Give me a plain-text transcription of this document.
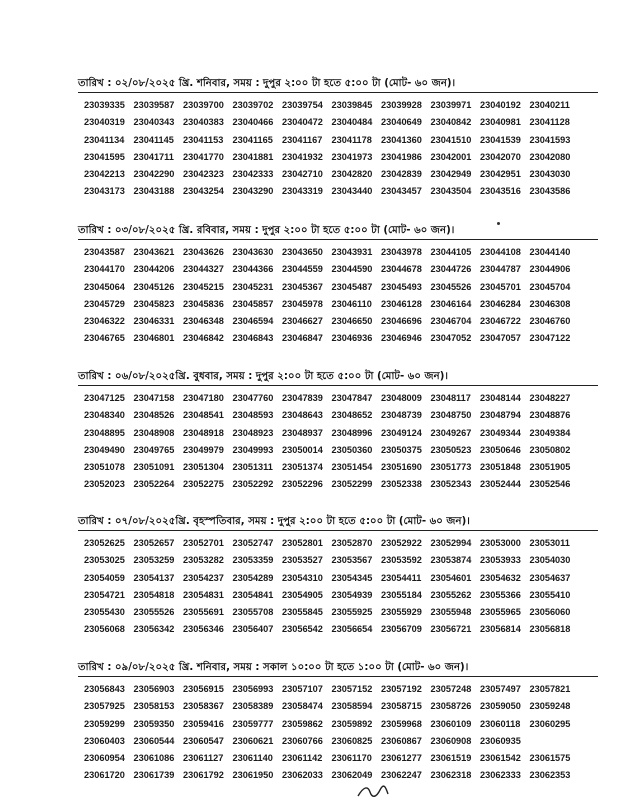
তারিখ : ০২/০৮/২০২৫ খ্রি. শনিবার, সময় : দুপুর ২:০০ টা হতে ৫:০০ টা (মোট- ৬০ জন)।
23039335 23039587 23039700 23039702 23039754 23039845 23039928 23039971 23040192 23040211
23040319 23040343 23040383 23040466 23040472 23040484 23040649 23040842 23040981 23041128
23041134 23041145 23041153 23041165 23041167 23041178 23041360 23041510 23041539 23041593
23041595 23041711 23041770 23041881 23041932 23041973 23041986 23042001 23042070 23042080
23042213 23042290 23042323 23042333 23042710 23042820 23042839 23042949 23042951 23043030
23043173 23043188 23043254 23043290 23043319 23043440 23043457 23043504 23043516 23043586
তারিখ : ০৩/০৮/২০২৫ খ্রি. রবিবার, সময় : দুপুর ২:০০ টা হতে ৫:০০ টা (মোট- ৬০ জন)।
23043587 23043621 23043626 23043630 23043650 23043931 23043978 23044105 23044108 23044140
23044170 23044206 23044327 23044366 23044559 23044590 23044678 23044726 23044787 23044906
23045064 23045126 23045215 23045231 23045367 23045487 23045493 23045526 23045701 23045704
23045729 23045823 23045836 23045857 23045978 23046110 23046128 23046164 23046284 23046308
23046322 23046331 23046348 23046594 23046627 23046650 23046696 23046704 23046722 23046760
23046765 23046801 23046842 23046843 23046847 23046936 23046946 23047052 23047057 23047122
তারিখ : ০৬/০৮/২০২৫খ্রি. বুধবার, সময় : দুপুর ২:০০ টা হতে ৫:০০ টা (মোট- ৬০ জন)।
23047125 23047158 23047180 23047760 23047839 23047847 23048009 23048117 23048144 23048227
23048340 23048526 23048541 23048593 23048643 23048652 23048739 23048750 23048794 23048876
23048895 23048908 23048918 23048923 23048937 23048996 23049124 23049267 23049344 23049384
23049490 23049765 23049979 23049993 23050014 23050360 23050375 23050523 23050646 23050802
23051078 23051091 23051304 23051311 23051374 23051454 23051690 23051773 23051848 23051905
23052023 23052264 23052275 23052292 23052296 23052299 23052338 23052343 23052444 23052546
তারিখ : ০৭/০৮/২০২৫খ্রি. বৃহস্পতিবার, সময় : দুপুর ২:০০ টা হতে ৫:০০ টা (মোট- ৬০ জন)।
23052625 23052657 23052701 23052747 23052801 23052870 23052922 23052994 23053000 23053011
23053025 23053259 23053282 23053359 23053527 23053567 23053592 23053874 23053933 23054030
23054059 23054137 23054237 23054289 23054310 23054345 23054411 23054601 23054632 23054637
23054721 23054818 23054831 23054841 23054905 23054939 23055184 23055262 23055366 23055410
23055430 23055526 23055691 23055708 23055845 23055925 23055929 23055948 23055965 23056060
23056068 23056342 23056346 23056407 23056542 23056654 23056709 23056721 23056814 23056818
তারিখ : ০৯/০৮/২০২৫ খ্রি. শনিবার, সময় : সকাল ১০:০০ টা হতে ১:০০ টা (মোট- ৬০ জন)।
23056843 23056903 23056915 23056993 23057107 23057152 23057192 23057248 23057497 23057821
23057925 23058153 23058367 23058389 23058474 23058594 23058715 23058726 23059050 23059248
23059299 23059350 23059416 23059777 23059862 23059892 23059968 23060109 23060118 23060295
23060403 23060544 23060547 23060621 23060766 23060825 23060867 23060908 23060935
23060954 23061086 23061127 23061140 23061142 23061170 23061277 23061519 23061542 23061575
23061720 23061739 23061792 23061950 23062033 23062049 23062247 23062318 23062333 23062353
